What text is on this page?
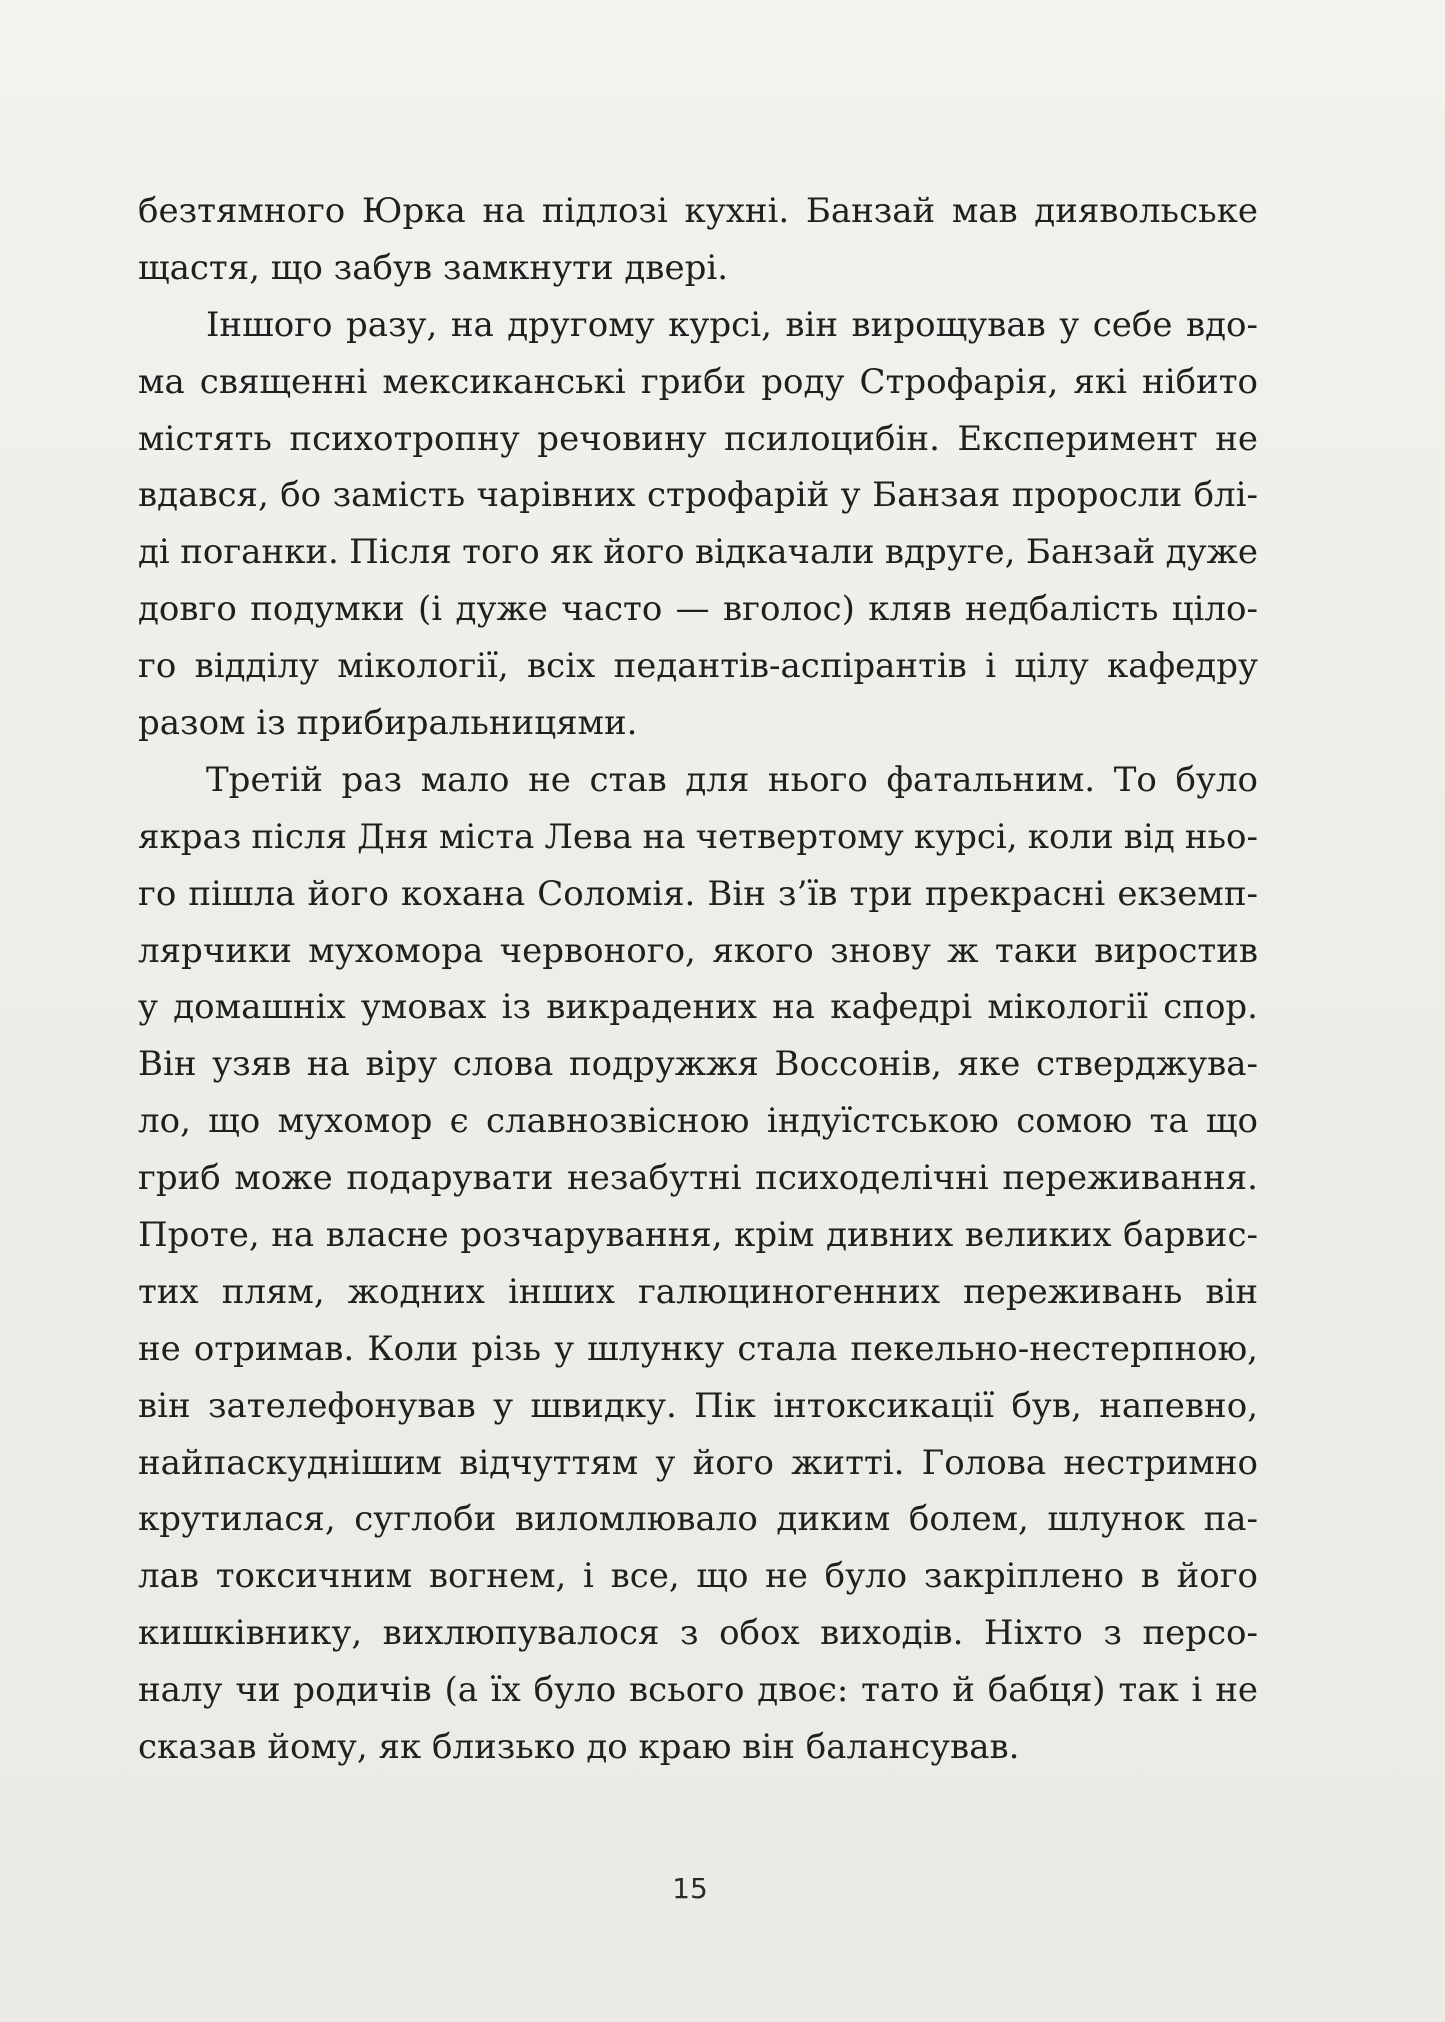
безтямного Юрка на підлозі кухні. Банзай мав диявольське
щастя, що забув замкнути двері.
Іншого разу, на другому курсі, він вирощував у себе вдо-
ма священні мексиканські гриби роду Строфарія, які нібито
містять психотропну речовину псилоцибін. Експеримент не
вдався, бо замість чарівних строфарій у Банзая проросли блі-
ді поганки. Після того як його відкачали вдруге, Банзай дуже
довго подумки (і дуже часто — вголос) кляв недбалість ціло-
го відділу мікології, всіх педантів-аспірантів і цілу кафедру
разом із прибиральницями.
Третій раз мало не став для нього фатальним. То було
якраз після Дня міста Лева на четвертому курсі, коли від ньо-
го пішла його кохана Соломія. Він з’їв три прекрасні екземп-
лярчики мухомора червоного, якого знову ж таки виростив
у домашніх умовах із викрадених на кафедрі мікології спор.
Він узяв на віру слова подружжя Воссонів, яке стверджува-
ло, що мухомор є славнозвісною індуїстською сомою та що
гриб може подарувати незабутні психоделічні переживання.
Проте, на власне розчарування, крім дивних великих барвис-
тих плям, жодних інших галюциногенних переживань він
не отримав. Коли різь у шлунку стала пекельно-нестерпною,
він зателефонував у швидку. Пік інтоксикації був, напевно,
найпаскуднішим відчуттям у його житті. Голова нестримно
крутилася, суглоби виломлювало диким болем, шлунок па-
лав токсичним вогнем, і все, що не було закріплено в його
кишківнику, вихлюпувалося з обох виходів. Ніхто з персо-
налу чи родичів (а їх було всього двоє: тато й бабця) так і не
сказав йому, як близько до краю він балансував.
15
